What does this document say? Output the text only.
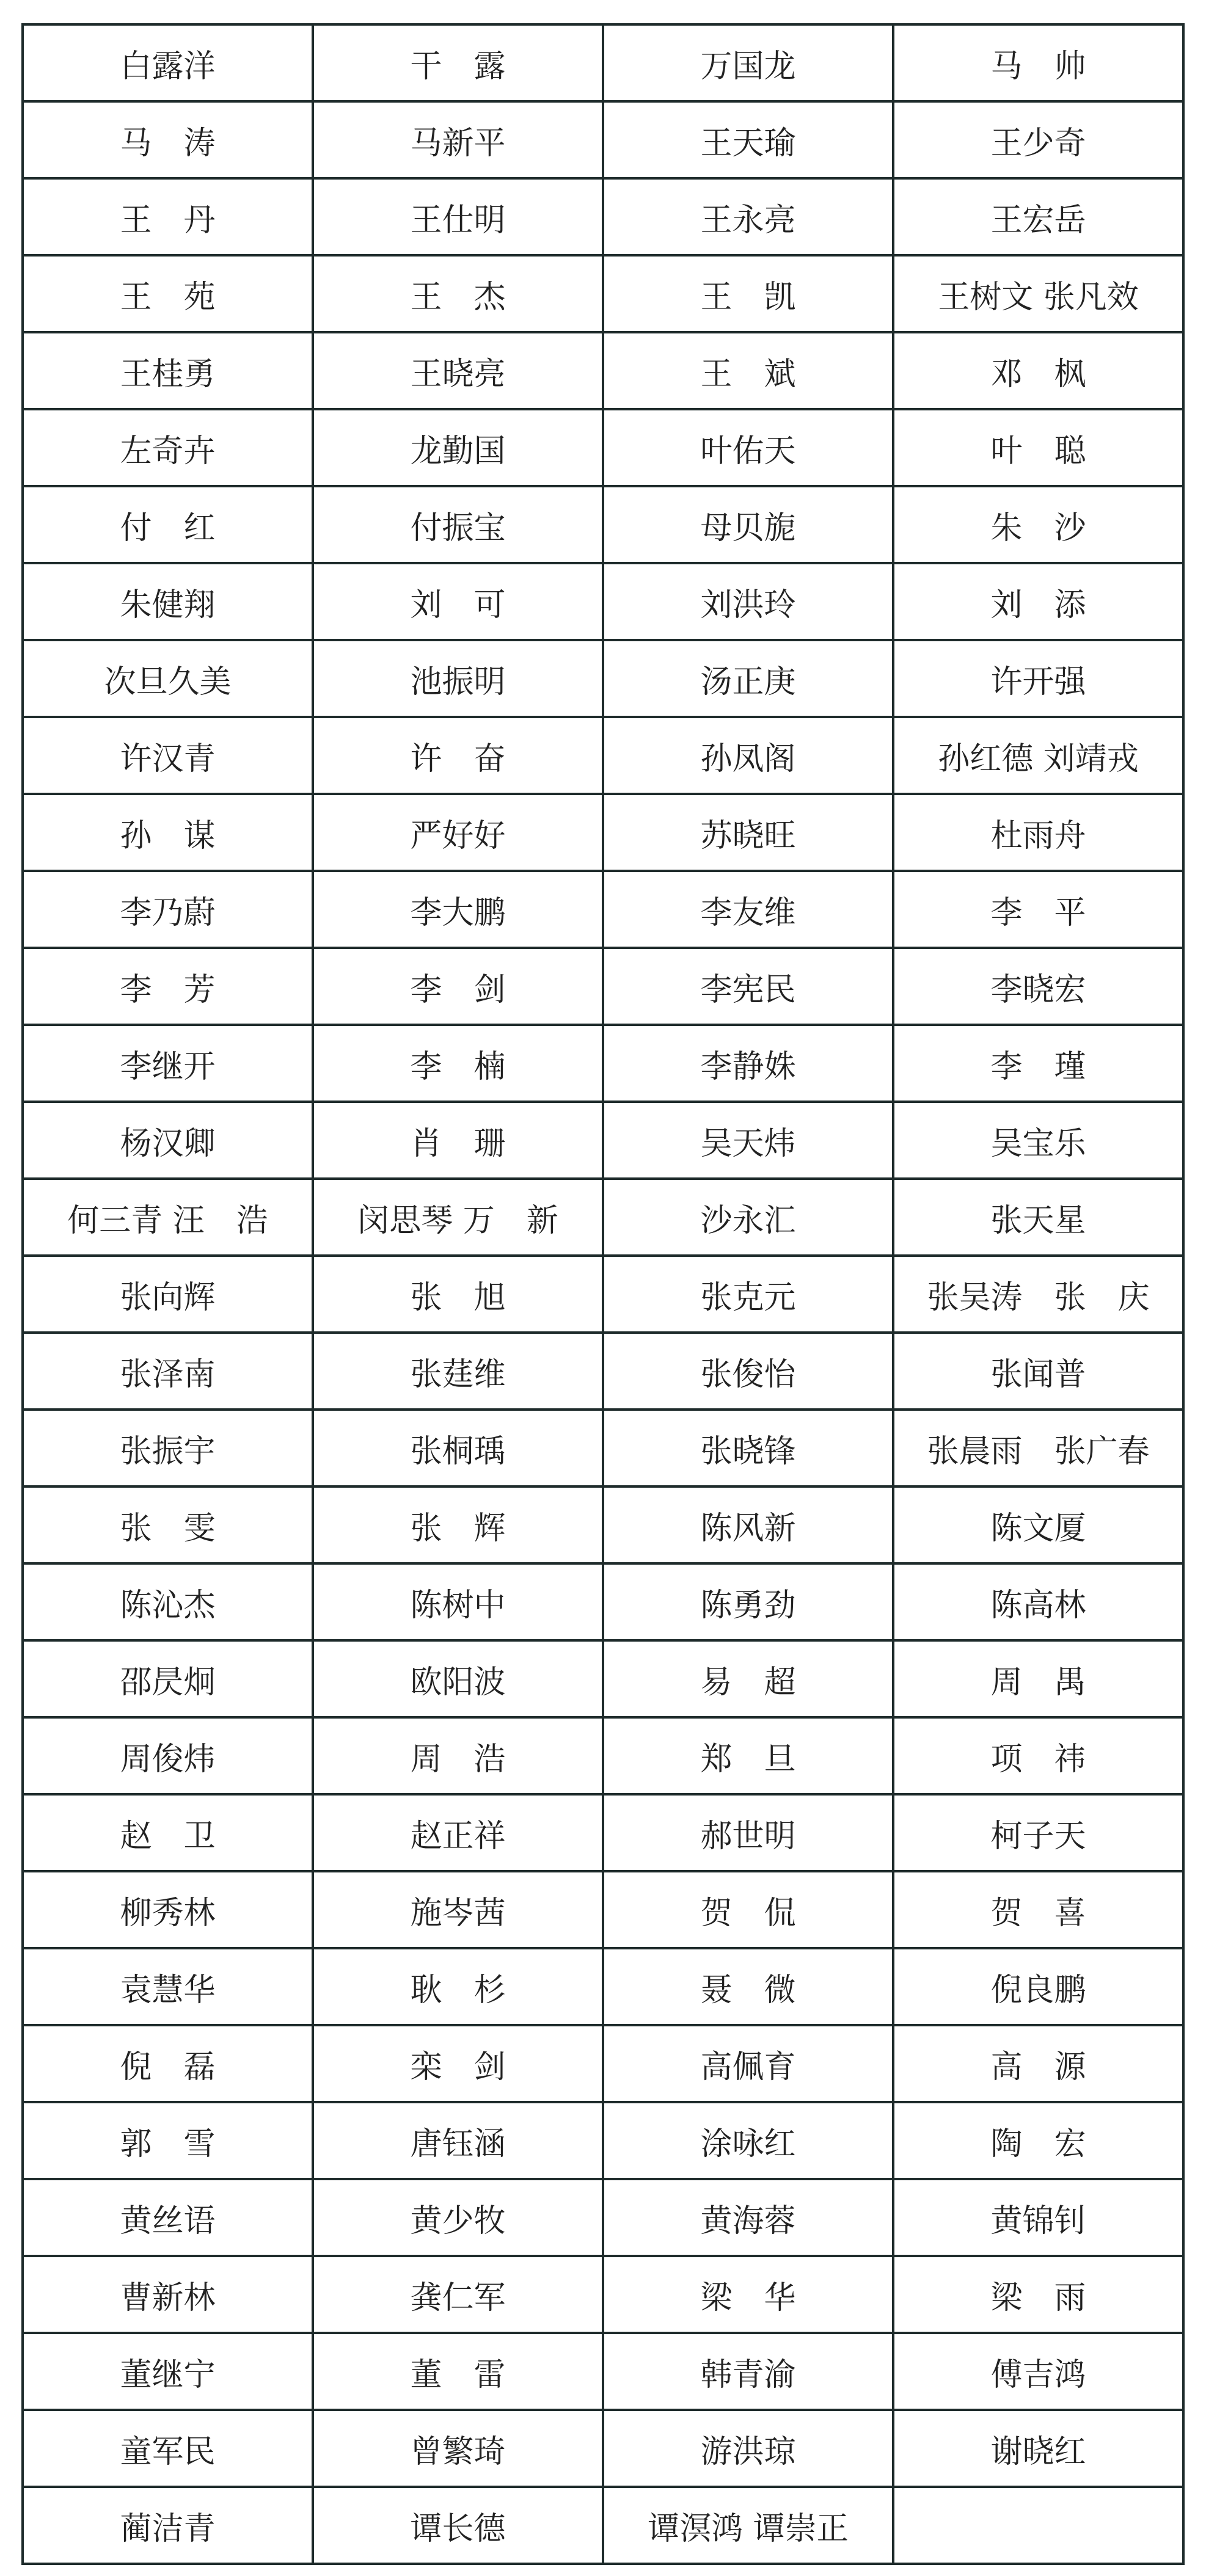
白露洋	干　露	万国龙	马　帅
马　涛	马新平	王天瑜	王少奇
王　丹	王仕明	王永亮	王宏岳
王　苑	王　杰	王　凯	王树文 张凡效
王桂勇	王晓亮	王　斌	邓　枫
左奇卉	龙勤国	叶佑天	叶　聪
付　红	付振宝	母贝旎	朱　沙
朱健翔	刘　可	刘洪玲	刘　添
次旦久美	池振明	汤正庚	许开强
许汉青	许　奋	孙凤阁	孙红德 刘靖戎
孙　谋	严好好	苏晓旺	杜雨舟
李乃蔚	李大鹏	李友维	李　平
李　芳	李　剑	李宪民	李晓宏
李继开	李　楠	李静姝	李　瑾
杨汉卿	肖　珊	吴天炜	吴宝乐
何三青 汪　浩	闵思琴 万　新	沙永汇	张天星
张向辉	张　旭	张克元	张吴涛　张　庆
张泽南	张莛维	张俊怡	张闻普
张振宇	张桐瑀	张晓锋	张晨雨　张广春
张　雯	张　辉	陈风新	陈文厦
陈沁杰	陈树中	陈勇劲	陈高林
邵昃炯	欧阳波	易　超	周　禺
周俊炜	周　浩	郑　旦	项　祎
赵　卫	赵正祥	郝世明	柯子天
柳秀林	施岑茜	贺　侃	贺　喜
袁慧华	耿　杉	聂　微	倪良鹏
倪　磊	栾　剑	高佩育	高　源
郭　雪	唐钰涵	涂咏红	陶　宏
黄丝语	黄少牧	黄海蓉	黄锦钊
曹新林	龚仁军	梁　华	梁　雨
董继宁	董　雷	韩青渝	傅吉鸿
童军民	曾繁琦	游洪琼	谢晓红
蔺洁青	谭长德	谭溟鸿 谭崇正	
